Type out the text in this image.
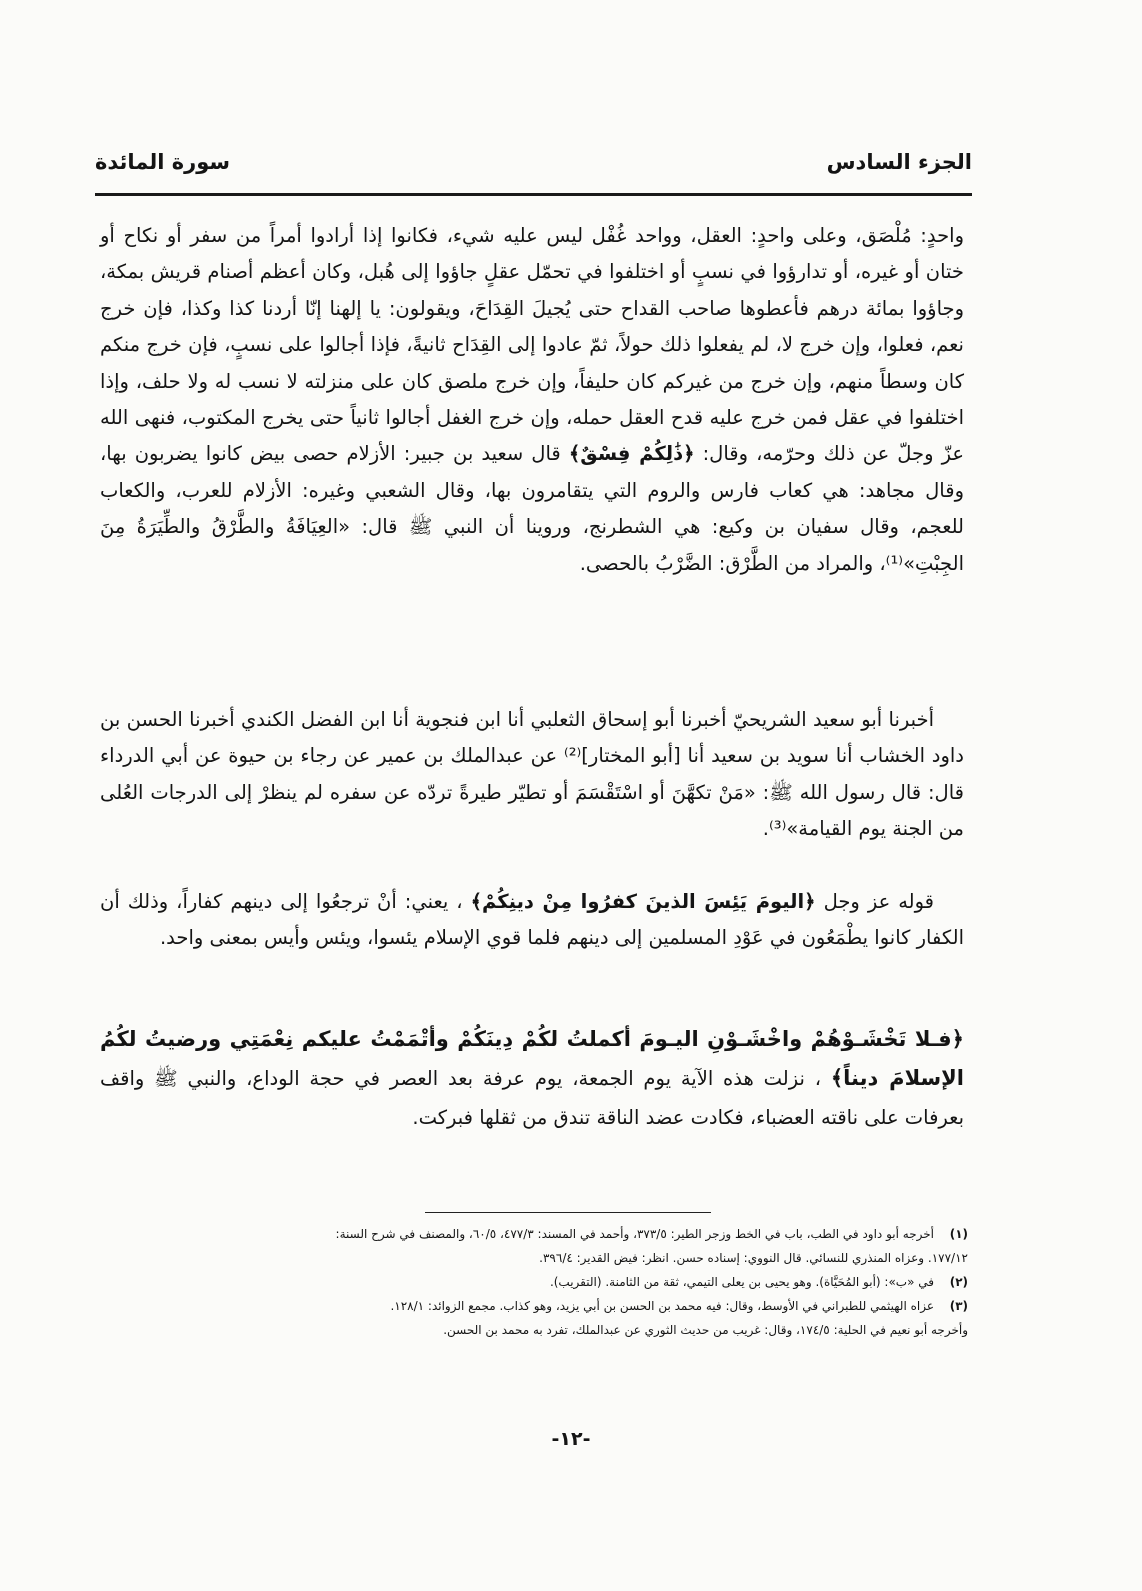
الجزء السادس
سورة المائدة

واحدٍ: مُلْصَق، وعلى واحدٍ: العقل، وواحد غُفْل ليس عليه شيء، فكانوا إذا أرادوا أمراً من سفر أو نكاح أو ختان أو غيره، أو تدارؤوا في نسبٍ أو اختلفوا في تحمّل عقلٍ جاؤوا إلى هُبل، وكان أعظم أصنام قريش بمكة، وجاؤوا بمائة درهم فأعطوها صاحب القداح حتى يُجيلَ القِدَاحَ، ويقولون: يا إلهنا إنّا أردنا كذا وكذا، فإن خرج نعم، فعلوا، وإن خرج لا، لم يفعلوا ذلك حولاً، ثمّ عادوا إلى القِدَاح ثانيةً، فإذا أجالوا على نسبٍ، فإن خرج منكم كان وسطاً منهم، وإن خرج من غيركم كان حليفاً، وإن خرج ملصق كان على منزلته لا نسب له ولا حلف، وإذا اختلفوا في عقل فمن خرج عليه قدح العقل حمله، وإن خرج الغفل أجالوا ثانياً حتى يخرج المكتوب، فنهى الله عزّ وجلّ عن ذلك وحرّمه، وقال: ﴿ذَٰلِكُمْ فِسْقٌ﴾ قال سعيد بن جبير: الأزلام حصى بيض كانوا يضربون بها، وقال مجاهد: هي كعاب فارس والروم التي يتقامرون بها، وقال الشعبي وغيره: الأزلام للعرب، والكعاب للعجم، وقال سفيان بن وكيع: هي الشطرنج، وروينا أن النبي ﷺ قال: «العِيَافَةُ والطَّرْقُ والطِّيَرَةُ مِنَ الجِبْتِ»⁽¹⁾، والمراد من الطَّرْق: الضَّرْبُ بالحصى.

أخبرنا أبو سعيد الشريحيّ أخبرنا أبو إسحاق الثعلبي أنا ابن فنجوية أنا ابن الفضل الكندي أخبرنا الحسن بن داود الخشاب أنا سويد بن سعيد أنا [أبو المختار]⁽²⁾ عن عبدالملك بن عمير عن رجاء بن حيوة عن أبي الدرداء قال: قال رسول الله ﷺ: «مَنْ تكهَّنَ أو اسْتَقْسَمَ أو تطيّر طيرةً تردّه عن سفره لم ينظرْ إلى الدرجات العُلى من الجنة يوم القيامة»⁽³⁾.

قوله عز وجل ﴿اليومَ يَئِسَ الذينَ كفرُوا مِنْ دينِكُمْ﴾ ، يعني: أنْ ترجعُوا إلى دينهم كفاراً، وذلك أن الكفار كانوا يطْمَعُون في عَوْدِ المسلمين إلى دينهم فلما قوي الإسلام يئسوا، ويئس وأيس بمعنى واحد.

﴿فـلا تَخْشَـوْهُمْ واخْشَـوْنِ اليـومَ أكملتُ لكُمْ دِينَكُمْ وأتْمَمْتُ عليكم نِعْمَتِي ورضيتُ لكُمُ الإسلامَ ديناً﴾ ، نزلت هذه الآية يوم الجمعة، يوم عرفة بعد العصر في حجة الوداع، والنبي ﷺ واقف بعرفات على ناقته العضباء، فكادت عضد الناقة تندق من ثقلها فبركت.

(١)أخرجه أبو داود في الطب، باب في الخط وزجر الطير: ٣٧٣/٥، وأحمد في المسند: ٤٧٧/٣، ٦٠/٥، والمصنف في شرح السنة:

١٧٧/١٢. وعزاه المنذري للنسائي. قال النووي: إسناده حسن. انظر: فيض القدير: ٣٩٦/٤.

(٢)في «ب»: (أبو المُحَيَّاة). وهو يحيى بن يعلى التيمي، ثقة من الثامنة. (التقريب).

(٣)عزاه الهيثمي للطبراني في الأوسط، وقال: فيه محمد بن الحسن بن أبي يزيد، وهو كذاب. مجمع الزوائد: ١٢٨/١.

وأخرجه أبو نعيم في الحلية: ١٧٤/٥، وقال: غريب من حديث الثوري عن عبدالملك، تفرد به محمد بن الحسن.

-١٢-
